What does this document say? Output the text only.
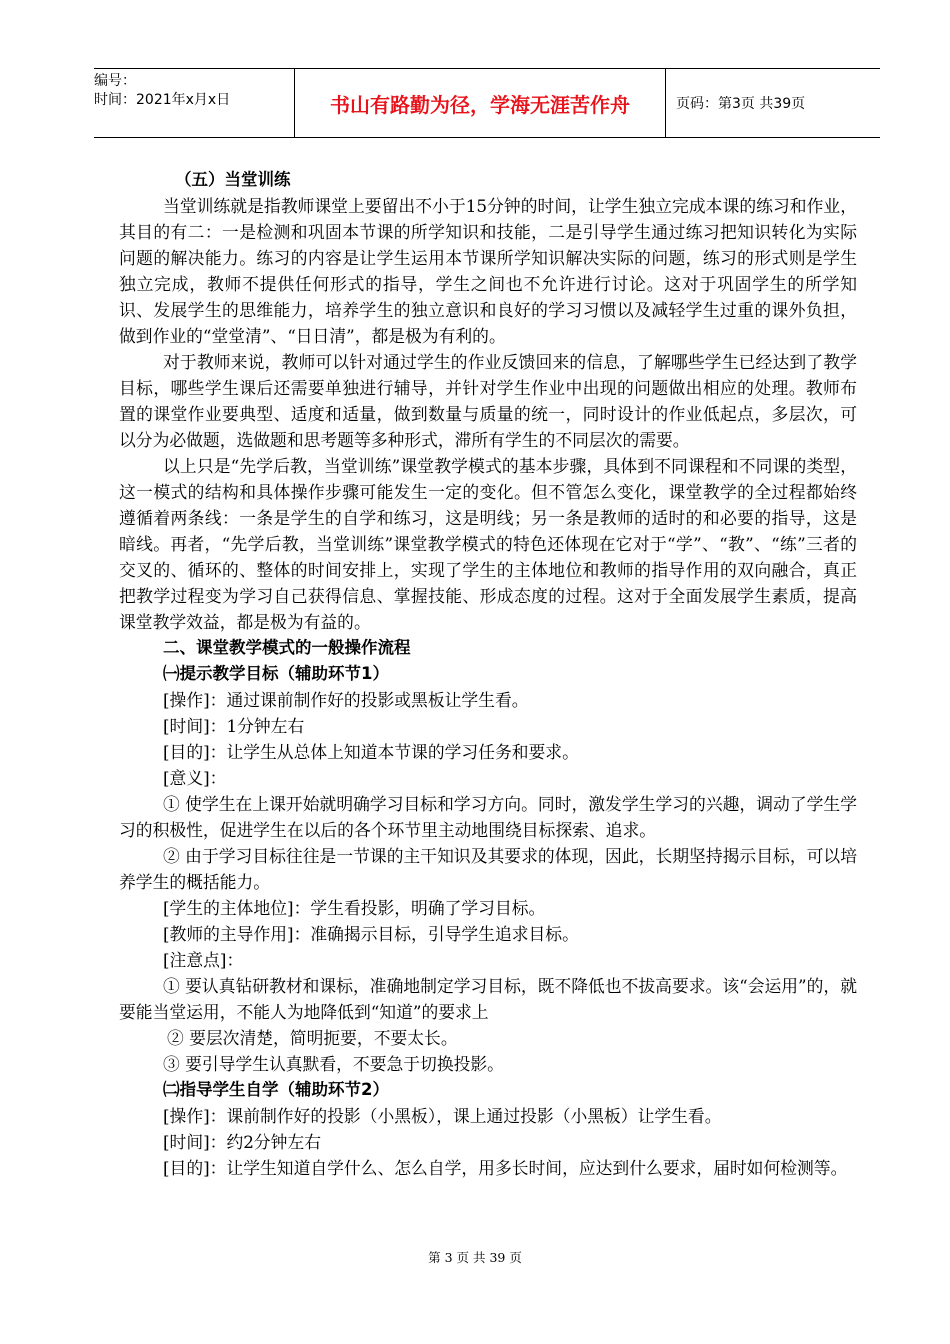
编号：
时间：2021年x月x日	书山有路勤为径，学海无涯苦作舟	页码：第3页 共39页

（五）当堂训练

当堂训练就是指教师课堂上要留出不小于15分钟的时间，让学生独立完成本课的练习和作业，其目的有二：一是检测和巩固本节课的所学知识和技能，二是引导学生通过练习把知识转化为实际问题的解决能力。练习的内容是让学生运用本节课所学知识解决实际的问题，练习的形式则是学生独立完成，教师不提供任何形式的指导，学生之间也不允许进行讨论。这对于巩固学生的所学知识、发展学生的思维能力，培养学生的独立意识和良好的学习习惯以及减轻学生过重的课外负担，做到作业的“堂堂清”、“日日清”，都是极为有利的。

对于教师来说，教师可以针对通过学生的作业反馈回来的信息，了解哪些学生已经达到了教学目标，哪些学生课后还需要单独进行辅导，并针对学生作业中出现的问题做出相应的处理。教师布置的课堂作业要典型、适度和适量，做到数量与质量的统一，同时设计的作业低起点，多层次，可以分为必做题，选做题和思考题等多种形式，滞所有学生的不同层次的需要。

以上只是“先学后教，当堂训练”课堂教学模式的基本步骤，具体到不同课程和不同课的类型，这一模式的结构和具体操作步骤可能发生一定的变化。但不管怎么变化，课堂教学的全过程都始终遵循着两条线：一条是学生的自学和练习，这是明线；另一条是教师的适时的和必要的指导，这是暗线。再者，“先学后教，当堂训练”课堂教学模式的特色还体现在它对于“学”、“教”、“练”三者的交叉的、循环的、整体的时间安排上，实现了学生的主体地位和教师的指导作用的双向融合，真正把教学过程变为学习自己获得信息、掌握技能、形成态度的过程。这对于全面发展学生素质，提高课堂教学效益，都是极为有益的。

二、课堂教学模式的一般操作流程

㈠提示教学目标（辅助环节1）

[操作]：通过课前制作好的投影或黑板让学生看。

[时间]：1分钟左右

[目的]：让学生从总体上知道本节课的学习任务和要求。

[意义]：

① 使学生在上课开始就明确学习目标和学习方向。同时，激发学生学习的兴趣，调动了学生学习的积极性，促进学生在以后的各个环节里主动地围绕目标探索、追求。

② 由于学习目标往往是一节课的主干知识及其要求的体现，因此，长期坚持揭示目标，可以培养学生的概括能力。

[学生的主体地位]：学生看投影，明确了学习目标。

[教师的主导作用]：准确揭示目标，引导学生追求目标。

[注意点]：

① 要认真钻研教材和课标，准确地制定学习目标，既不降低也不拔高要求。该“会运用”的，就要能当堂运用，不能人为地降低到“知道”的要求上

② 要层次清楚，简明扼要，不要太长。

③ 要引导学生认真默看，不要急于切换投影。

㈡指导学生自学（辅助环节2）

[操作]：课前制作好的投影（小黑板），课上通过投影（小黑板）让学生看。

[时间]：约2分钟左右

[目的]：让学生知道自学什么、怎么自学，用多长时间，应达到什么要求，届时如何检测等。

第 3 页 共 39 页
